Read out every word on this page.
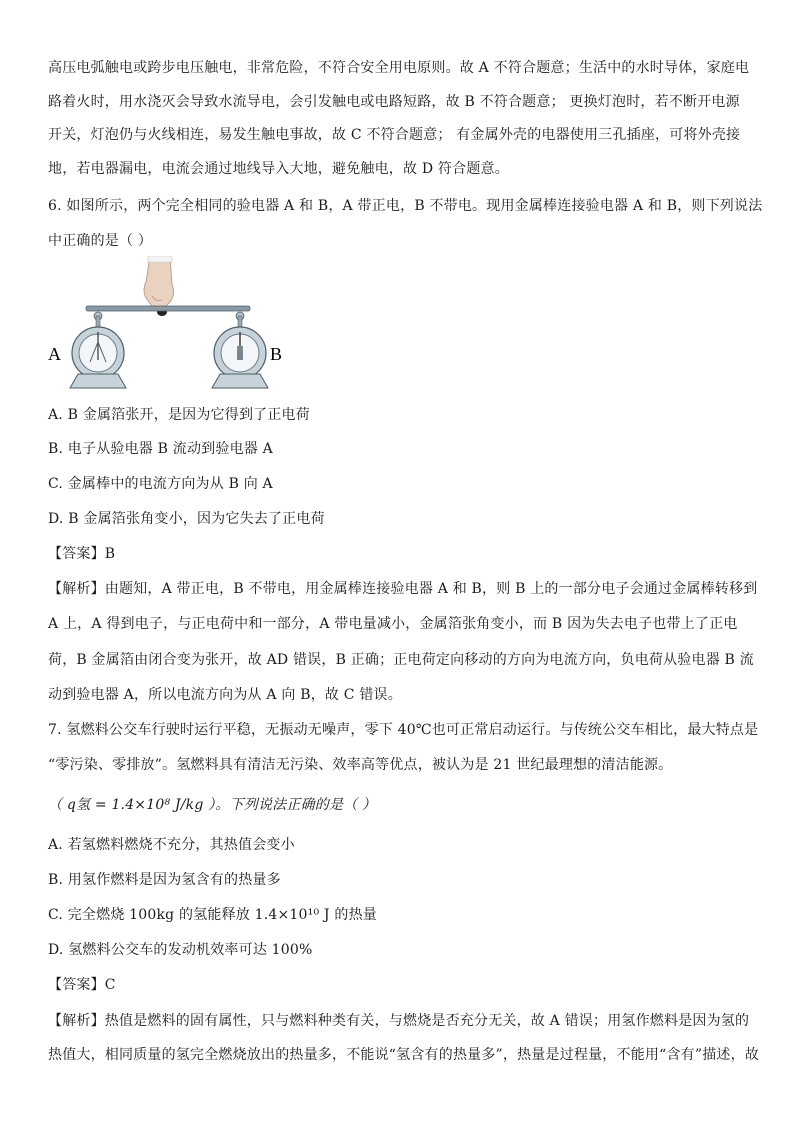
高压电弧触电或跨步电压触电，非常危险，不符合安全用电原则。故 A 不符合题意；生活中的水时导体，家庭电
路着火时，用水浇灭会导致水流导电，会引发触电或电路短路，故 B 不符合题意； 更换灯泡时，若不断开电源
开关，灯泡仍与火线相连，易发生触电事故，故 C 不符合题意； 有金属外壳的电器使用三孔插座，可将外壳接
地，若电器漏电，电流会通过地线导入大地，避免触电，故 D 符合题意。
6. 如图所示，两个完全相同的验电器 A 和 B，A 带正电，B 不带电。现用金属棒连接验电器 A 和 B，则下列说法
中正确的是（ ）
A	B
A. B 金属箔张开，是因为它得到了正电荷
B. 电子从验电器 B 流动到验电器 A
C. 金属棒中的电流方向为从 B 向 A
D. B 金属箔张角变小，因为它失去了正电荷
【答案】B
【解析】由题知，A 带正电，B 不带电，用金属棒连接验电器 A 和 B，则 B 上的一部分电子会通过金属棒转移到
A 上，A 得到电子，与正电荷中和一部分，A 带电量减小，金属箔张角变小，而 B 因为失去电子也带上了正电
荷，B 金属箔由闭合变为张开，故 AD 错误，B 正确；正电荷定向移动的方向为电流方向，负电荷从验电器 B 流
动到验电器 A，所以电流方向为从 A 向 B，故 C 错误。
7. 氢燃料公交车行驶时运行平稳，无振动无噪声，零下 40℃也可正常启动运行。与传统公交车相比，最大特点是
“零污染、零排放”。氢燃料具有清洁无污染、效率高等优点，被认为是 21 世纪最理想的清洁能源。
（ q氢 = 1.4×10⁸ J/kg ）。下列说法正确的是（ ）
A. 若氢燃料燃烧不充分，其热值会变小
B. 用氢作燃料是因为氢含有的热量多
C. 完全燃烧 100kg 的氢能释放 1.4×10¹⁰ J 的热量
D. 氢燃料公交车的发动机效率可达 100%
【答案】C
【解析】热值是燃料的固有属性，只与燃料种类有关，与燃烧是否充分无关，故 A 错误；用氢作燃料是因为氢的
热值大，相同质量的氢完全燃烧放出的热量多，不能说“氢含有的热量多”，热量是过程量，不能用“含有”描述，故
